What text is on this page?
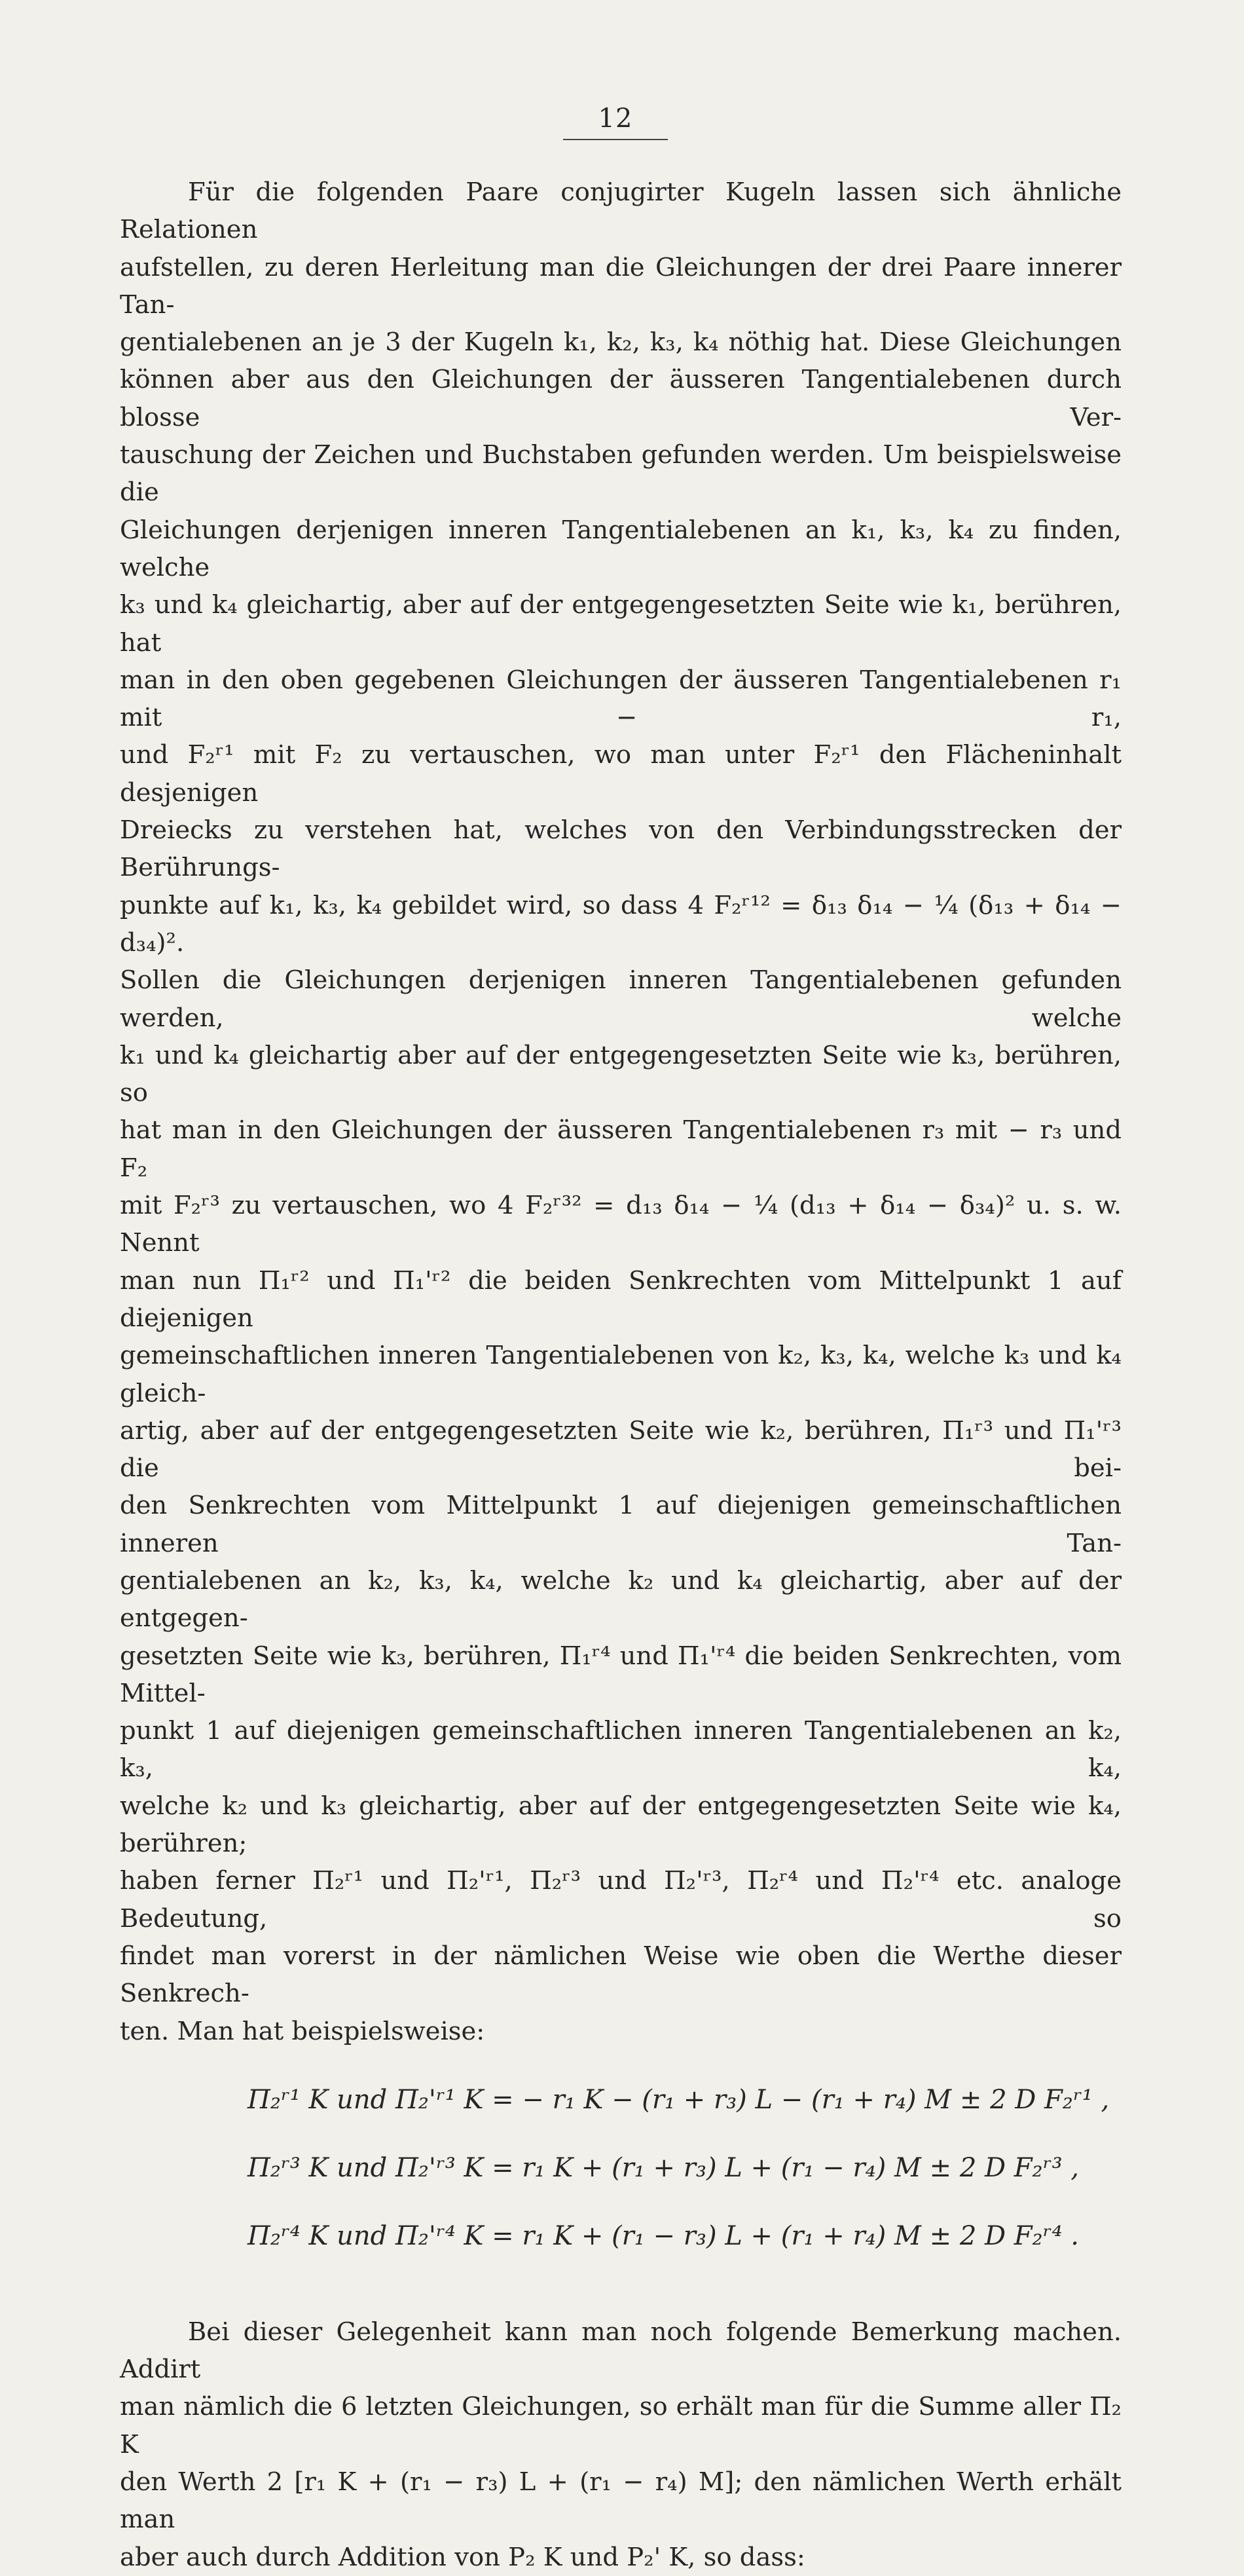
12

Für die folgenden Paare conjugirter Kugeln lassen sich ähnliche Relationen

aufstellen, zu deren Herleitung man die Gleichungen der drei Paare innerer Tan-

gentialebenen an je 3 der Kugeln k₁, k₂, k₃, k₄ nöthig hat. Diese Gleichungen

können aber aus den Gleichungen der äusseren Tangentialebenen durch blosse Ver-

tauschung der Zeichen und Buchstaben gefunden werden. Um beispielsweise die

Gleichungen derjenigen inneren Tangentialebenen an k₁, k₃, k₄ zu finden, welche

k₃ und k₄ gleichartig, aber auf der entgegengesetzten Seite wie k₁, berühren, hat

man in den oben gegebenen Gleichungen der äusseren Tangentialebenen r₁ mit − r₁,

und F₂ʳ¹ mit F₂ zu vertauschen, wo man unter F₂ʳ¹ den Flächeninhalt desjenigen

Dreiecks zu verstehen hat, welches von den Verbindungsstrecken der Berührungs-

punkte auf k₁, k₃, k₄ gebildet wird, so dass 4 F₂ʳ¹² = δ₁₃ δ₁₄ − ¼ (δ₁₃ + δ₁₄ − d₃₄)².

Sollen die Gleichungen derjenigen inneren Tangentialebenen gefunden werden, welche

k₁ und k₄ gleichartig aber auf der entgegengesetzten Seite wie k₃, berühren, so

hat man in den Gleichungen der äusseren Tangentialebenen r₃ mit − r₃ und F₂

mit F₂ʳ³ zu vertauschen, wo 4 F₂ʳ³² = d₁₃ δ₁₄ − ¼ (d₁₃ + δ₁₄ − δ₃₄)² u. s. w. Nennt

man nun Π₁ʳ² und Π₁'ʳ² die beiden Senkrechten vom Mittelpunkt 1 auf diejenigen

gemeinschaftlichen inneren Tangentialebenen von k₂, k₃, k₄, welche k₃ und k₄ gleich-

artig, aber auf der entgegengesetzten Seite wie k₂, berühren, Π₁ʳ³ und Π₁'ʳ³ die bei-

den Senkrechten vom Mittelpunkt 1 auf diejenigen gemeinschaftlichen inneren Tan-

gentialebenen an k₂, k₃, k₄, welche k₂ und k₄ gleichartig, aber auf der entgegen-

gesetzten Seite wie k₃, berühren, Π₁ʳ⁴ und Π₁'ʳ⁴ die beiden Senkrechten, vom Mittel-

punkt 1 auf diejenigen gemeinschaftlichen inneren Tangentialebenen an k₂, k₃, k₄,

welche k₂ und k₃ gleichartig, aber auf der entgegengesetzten Seite wie k₄, berühren;

haben ferner Π₂ʳ¹ und Π₂'ʳ¹, Π₂ʳ³ und Π₂'ʳ³, Π₂ʳ⁴ und Π₂'ʳ⁴ etc. analoge Bedeutung, so

findet man vorerst in der nämlichen Weise wie oben die Werthe dieser Senkrech-

ten. Man hat beispielsweise:

Π₂ʳ¹ K und Π₂'ʳ¹ K = − r₁ K − (r₁ + r₃) L − (r₁ + r₄) M ± 2 D F₂ʳ¹ ,

Π₂ʳ³ K und Π₂'ʳ³ K = r₁ K + (r₁ + r₃) L + (r₁ − r₄) M ± 2 D F₂ʳ³ ,

Π₂ʳ⁴ K und Π₂'ʳ⁴ K = r₁ K + (r₁ − r₃) L + (r₁ + r₄) M ± 2 D F₂ʳ⁴ .

Bei dieser Gelegenheit kann man noch folgende Bemerkung machen. Addirt

man nämlich die 6 letzten Gleichungen, so erhält man für die Summe aller Π₂ K

den Werth 2 [r₁ K + (r₁ − r₃) L + (r₁ − r₄) M]; den nämlichen Werth erhält man

aber auch durch Addition von P₂ K und P₂' K, so dass:
